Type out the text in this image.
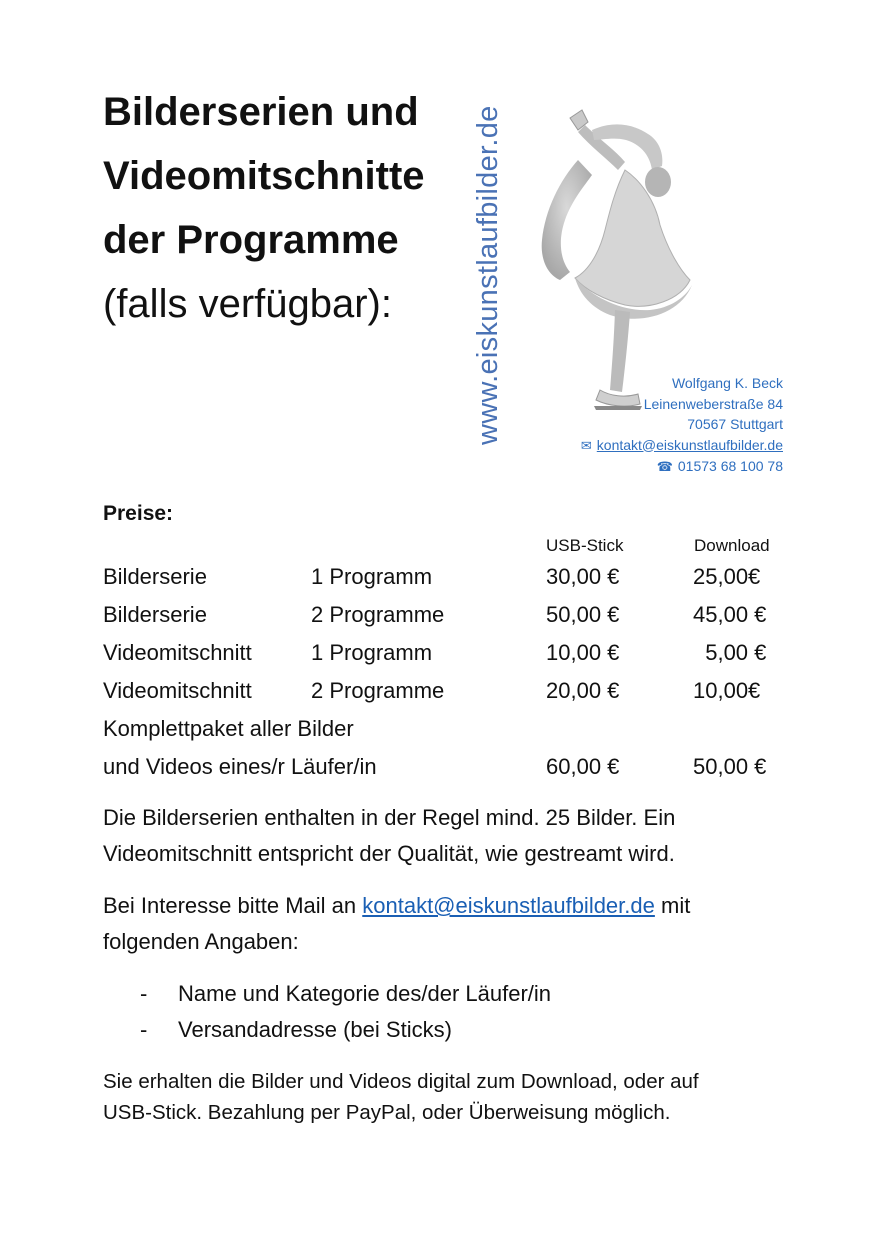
Bilderserien und
Videomitschnitte
der Programme
(falls verfügbar):	www.eiskunstlaufbilder.de	Wolfgang K. Beck
Leinenweberstraße 84
70567 Stuttgart
✉ kontakt@eiskunstlaufbilder.de
☎ 01573 68 100 78
Preise:
USB-Stick	Download
Bilderserie	1 Programm	30,00 €	25,00€
Bilderserie	2 Programme	50,00 €	45,00 €
Videomitschnitt	1 Programm	10,00 €	5,00 €
Videomitschnitt	2 Programme	20,00 €	10,00€
Komplettpaket aller Bilder
und Videos eines/r Läufer/in	60,00 €	50,00 €
Die Bilderserien enthalten in der Regel mind. 25 Bilder. Ein
Videomitschnitt entspricht der Qualität, wie gestreamt wird.
Bei Interesse bitte Mail an kontakt@eiskunstlaufbilder.de mit
folgenden Angaben:
- Name und Kategorie des/der Läufer/in
- Versandadresse (bei Sticks)
Sie erhalten die Bilder und Videos digital zum Download, oder auf
USB-Stick. Bezahlung per PayPal, oder Überweisung möglich.
